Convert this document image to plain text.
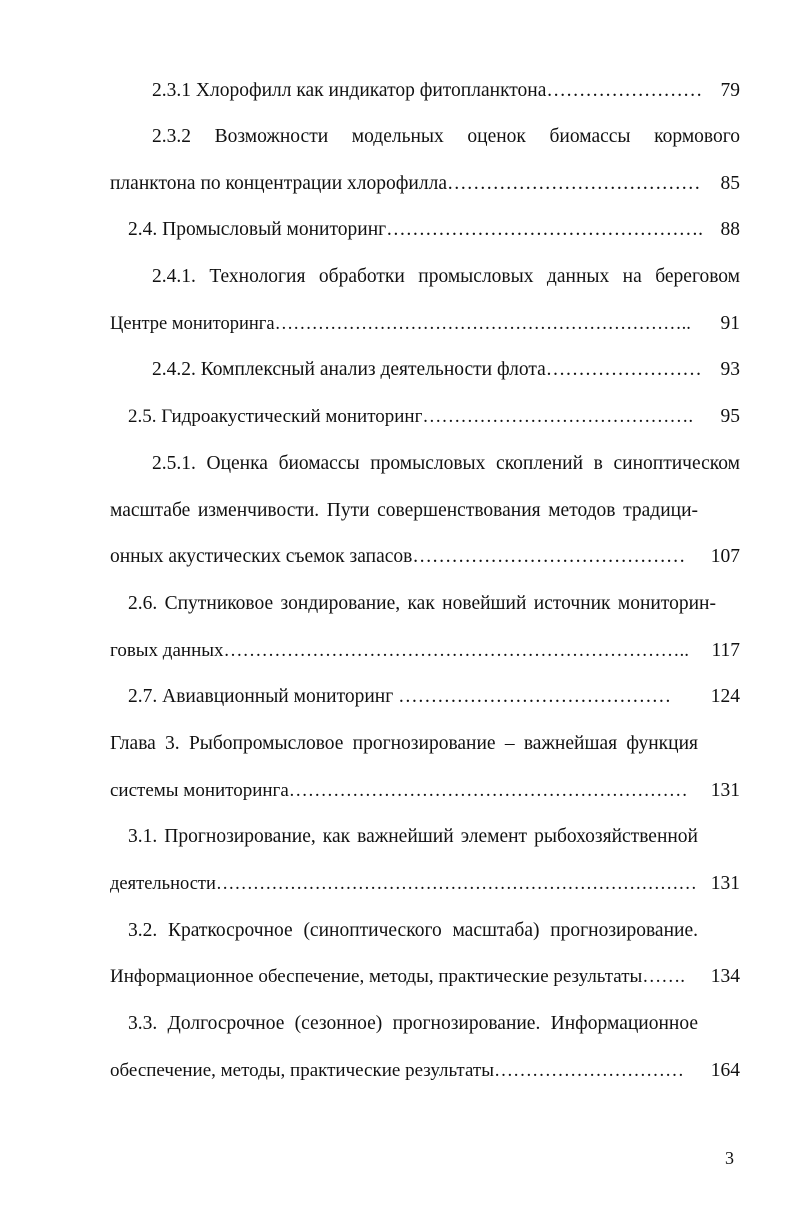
2.3.1 Хлорофилл как индикатор фитопланктона…………………… 79
2.3.2 Возможности модельных оценок биомассы кормового
планктона по концентрации хлорофилла………………………………… 85
2.4. Промысловый мониторинг…………………………………………. 88
2.4.1. Технология обработки промысловых данных на береговом
Центре мониторинга………………………………………………………….. 91
2.4.2. Комплексный анализ деятельности флота…………………… 93
2.5. Гидроакустический мониторинг……………………………………. 95
2.5.1. Оценка биомассы промысловых скоплений в синоптическом
масштабе изменчивости. Пути совершенствования методов традици-
онных акустических съемок запасов…………………………………… 107
2.6. Спутниковое зондирование, как новейший источник мониторин-
говых данных……………………………………………………………….. 117
2.7. Авиавционный мониторинг …………………………………… 124
Глава 3. Рыбопромысловое прогнозирование – важнейшая функция
системы мониторинга……………………………………………………… 131
3.1. Прогнозирование, как важнейший элемент рыбохозяйственной
деятельности…………………………………………………………………… 131
3.2. Краткосрочное (синоптического масштаба) прогнозирование.
Информационное обеспечение, методы, практические результаты……. 134
3.3. Долгосрочное (сезонное) прогнозирование. Информационное
обеспечение, методы, практические результаты………………………… 164
3
